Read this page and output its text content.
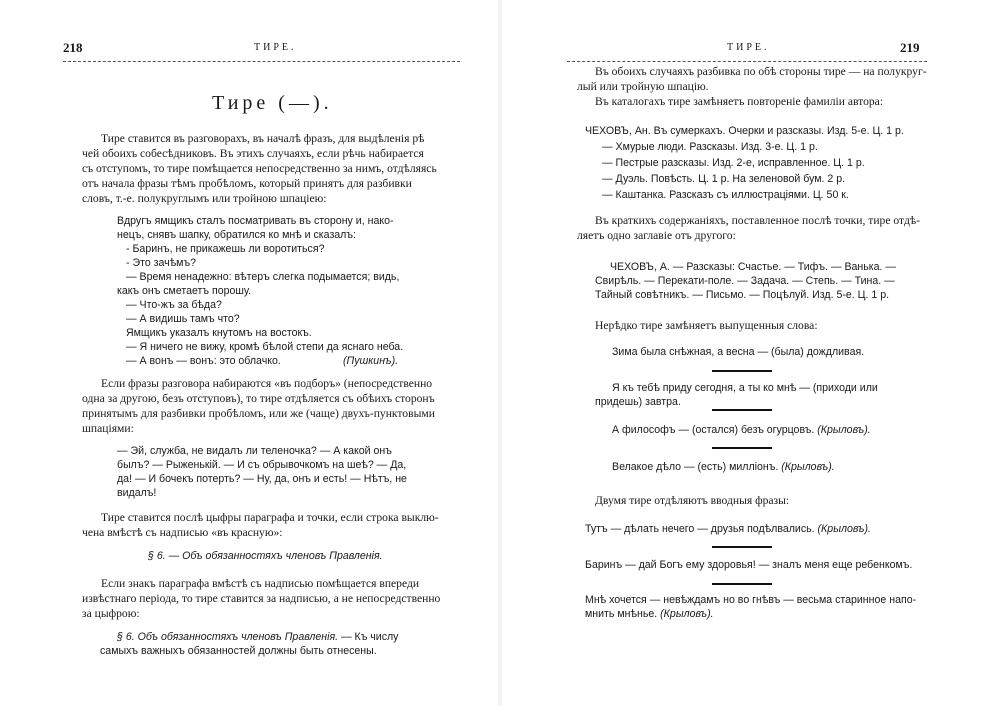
218	ТИРЕ.
Тире (—).
Тире ставится въ разговорахъ, въ началѣ фразъ, для выдѣленія рѣ
чей обоихъ собесѣдниковъ. Въ этихъ случаяхъ, если рѣчь набирается
съ отступомъ, то тире помѣщается непосредственно за нимъ, отдѣляясь
отъ начала фразы тѣмъ пробѣломъ, который принятъ для разбивки
словъ, т.-е. полукруглымъ или тройною шпаціею:
Вдругъ ямщикъ сталъ посматривать въ сторону и, нако-
нецъ, снявъ шапку, обратился ко мнѣ и сказалъ:
- Баринъ, не прикажешь ли воротиться?
- Это зачѣмъ?
— Время ненадежно: вѣтеръ слегка подымается; видь,
какъ онъ сметаетъ порошу.
— Что-жъ за бѣда?
— А видишь тамъ что?
Ямщикъ указалъ кнутомъ на востокъ.
— Я ничего не вижу, кромѣ бѣлой степи да яснаго неба.
— А вонъ — вонъ: это облачко.	(Пушкинъ).
Если фразы разговора набираются «въ подборъ» (непосредственно
одна за другою, безъ отступовъ), то тире отдѣляется съ обѣихъ сторонъ
принятымъ для разбивки пробѣломъ, или же (чаще) двухъ-пунктовыми
шпаціями:
— Эй, служба, не видалъ ли теленочка? — А какой онъ
былъ? — Рыженькій. — И съ обрывочкомъ на шеѣ? — Да,
да! — И бочекъ потерть? — Ну, да, онъ и есть! — Нѣтъ, не
видалъ!
Тире ставится послѣ цыфры параграфа и точки, если строка выклю-
чена вмѣстѣ съ надписью «въ красную»:
§ 6. — Объ обязанностяхъ членовъ Правленія.
Если знакъ параграфа вмѣстѣ съ надписью помѣщается впереди
извѣстнаго періода, то тире ставится за надписью, а не непосредственно
за цыфрою:
§ 6. Объ обязанностяхъ членовъ Правленія. — Къ числу
самыхъ важныхъ обязанностей должны быть отнесены.
ТИРЕ.	219
Въ обоихъ случаяхъ разбивка по обѣ стороны тире — на полукруг-
лый или тройную шпацію.
Въ каталогахъ тире замѣняетъ повтореніе фамиліи автора:
ЧЕХОВЪ, Ан. Въ сумеркахъ. Очерки и разсказы. Изд. 5-е. Ц. 1 р.
— Хмурые люди. Разсказы. Изд. 3-е. Ц. 1 р.
— Пестрые разсказы. Изд. 2-е, исправленное. Ц. 1 р.
— Дуэль. Повѣсть. Ц. 1 р. На зеленовой бум. 2 р.
— Каштанка. Разсказъ съ иллюстраціями. Ц. 50 к.
Въ краткихъ содержаніяхъ, поставленное послѣ точки, тире отдѣ-
ляетъ одно заглавіе отъ другого:
ЧЕХОВЪ, А. — Разсказы: Счастье. — Тифъ. — Ванька. —
Свирѣль. — Перекати-поле. — Задача. — Степь. — Тина. —
Тайный совѣтникъ. — Письмо. — Поцѣлуй. Изд. 5-е. Ц. 1 р.
Нерѣдко тире замѣняетъ выпущенныя слова:
Зима была снѣжная, а весна — (была) дождливая.
Я къ тебѣ приду сегодня, а ты ко мнѣ — (приходи или
придешь) завтра.
А философъ — (остался) безъ огурцовъ. (Крыловъ).
Велакое дѣло — (есть) милліонъ. (Крыловъ).
Двумя тире отдѣляютъ вводныя фразы:
Тутъ — дѣлать нечего — друзья подѣлвались. (Крыловъ).
Баринъ — дай Богъ ему здоровья! — зналъ меня еще ребенкомъ.
Мнѣ хочется — невѣждамъ но во гнѣвъ — весьма старинное напо-
мнить мнѣнье. (Крыловъ).
